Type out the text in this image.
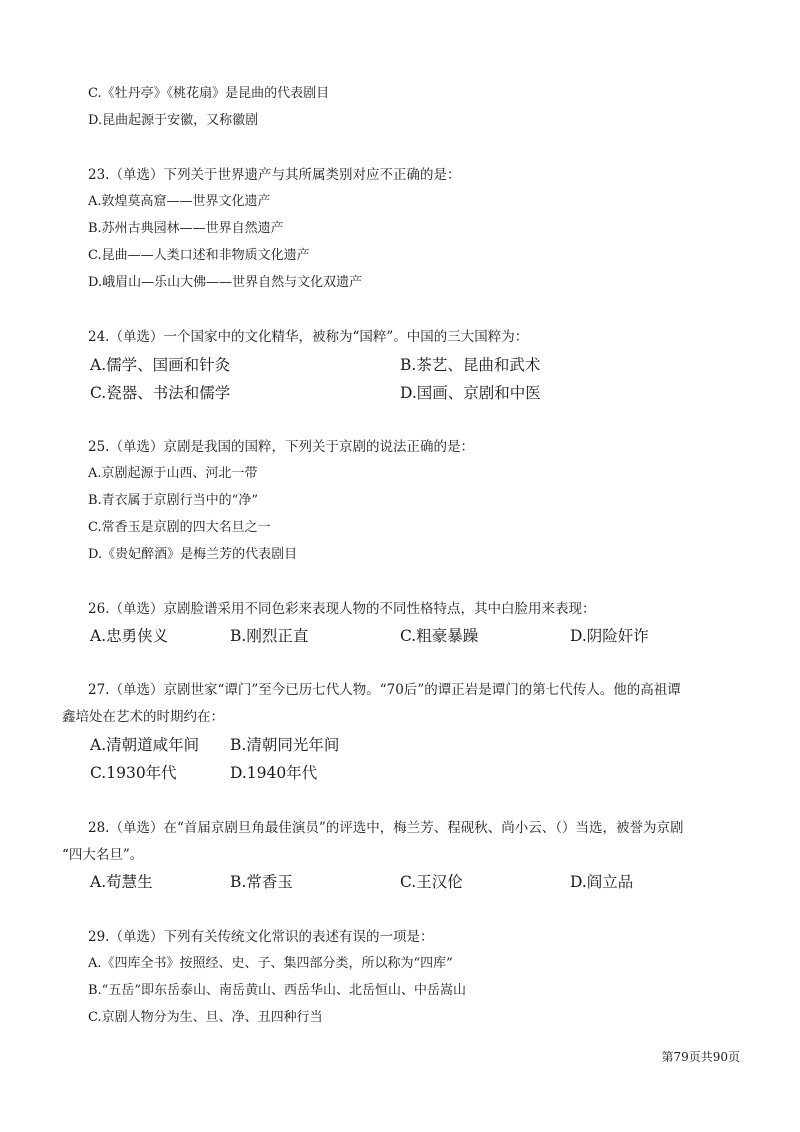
C.《牡丹亭》《桃花扇》是昆曲的代表剧目
D.昆曲起源于安徽，又称徽剧
23.（单选）下列关于世界遗产与其所属类别对应不正确的是：
A.敦煌莫高窟——世界文化遗产
B.苏州古典园林——世界自然遗产
C.昆曲——人类口述和非物质文化遗产
D.峨眉山—乐山大佛——世界自然与文化双遗产
24.（单选）一个国家中的文化精华，被称为“国粹”。中国的三大国粹为：
A.儒学、国画和针灸	B.茶艺、昆曲和武术
C.瓷器、书法和儒学	D.国画、京剧和中医
25.（单选）京剧是我国的国粹，下列关于京剧的说法正确的是：
A.京剧起源于山西、河北一带
B.青衣属于京剧行当中的“净”
C.常香玉是京剧的四大名旦之一
D.《贵妃醉酒》是梅兰芳的代表剧目
26.（单选）京剧脸谱采用不同色彩来表现人物的不同性格特点，其中白脸用来表现：
A.忠勇侠义	B.刚烈正直	C.粗豪暴躁	D.阴险奸诈
27.（单选）京剧世家“谭门”至今已历七代人物。“70后”的谭正岩是谭门的第七代传人。他的高祖谭
鑫培处在艺术的时期约在：
A.清朝道咸年间 B.清朝同光年间
C.1930年代	D.1940年代
28.（单选）在“首届京剧旦角最佳演员”的评选中，梅兰芳、程砚秋、尚小云、（）当选，被誉为京剧
“四大名旦”。
A.荀慧生	B.常香玉	C.王汉伦	D.阎立品
29.（单选）下列有关传统文化常识的表述有误的一项是：
A.《四库全书》按照经、史、子、集四部分类，所以称为“四库”
B.“五岳”即东岳泰山、南岳黄山、西岳华山、北岳恒山、中岳嵩山
C.京剧人物分为生、旦、净、丑四种行当
第79页共90页
